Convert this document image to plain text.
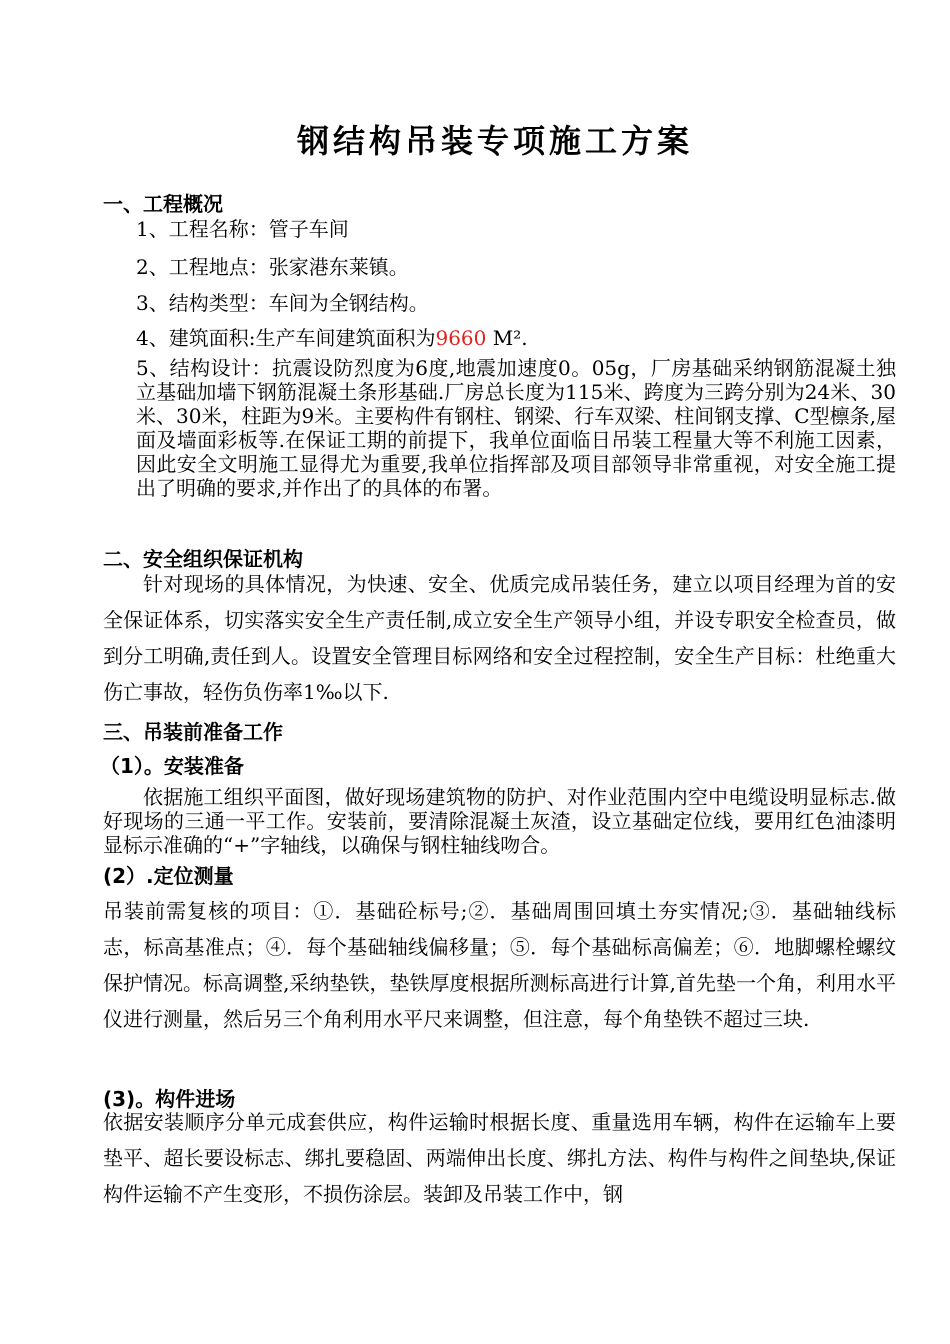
钢结构吊装专项施工方案
一、工程概况
1、工程名称：管子车间
2、工程地点：张家港东莱镇。
3、结构类型：车间为全钢结构。
4、建筑面积:生产车间建筑面积为9660 M².
5、结构设计：抗震设防烈度为6度,地震加速度0。05g，厂房基础采纳钢筋混凝土独立基础加墙下钢筋混凝土条形基础.厂房总长度为115米、跨度为三跨分别为24米、30米、30米，柱距为9米。主要构件有钢柱、钢梁、行车双梁、柱间钢支撑、C型檩条,屋面及墙面彩板等.在保证工期的前提下，我单位面临日吊装工程量大等不利施工因素，因此安全文明施工显得尤为重要,我单位指挥部及项目部领导非常重视，对安全施工提出了明确的要求,并作出了的具体的布署。
二、安全组织保证机构
针对现场的具体情况，为快速、安全、优质完成吊装任务，建立以项目经理为首的安全保证体系，切实落实安全生产责任制,成立安全生产领导小组，并设专职安全检查员，做到分工明确,责任到人。设置安全管理目标网络和安全过程控制，安全生产目标：杜绝重大伤亡事故，轻伤负伤率1‰以下.
三、吊装前准备工作
（1）。安装准备
依据施工组织平面图，做好现场建筑物的防护、对作业范围内空中电缆设明显标志.做好现场的三通一平工作。安装前，要清除混凝土灰渣，设立基础定位线，要用红色油漆明显标示准确的“+”字轴线，以确保与钢柱轴线吻合。
(2）.定位测量
吊装前需复核的项目：①．基础砼标号;②．基础周围回填土夯实情况;③．基础轴线标志，标高基准点；④．每个基础轴线偏移量；⑤．每个基础标高偏差；⑥．地脚螺栓螺纹保护情况。标高调整,采纳垫铁，垫铁厚度根据所测标高进行计算,首先垫一个角，利用水平仪进行测量，然后另三个角利用水平尺来调整，但注意，每个角垫铁不超过三块.
(3)。构件进场
依据安装顺序分单元成套供应，构件运输时根据长度、重量选用车辆，构件在运输车上要垫平、超长要设标志、绑扎要稳固、两端伸出长度、绑扎方法、构件与构件之间垫块,保证构件运输不产生变形，不损伤涂层。装卸及吊装工作中，钢
